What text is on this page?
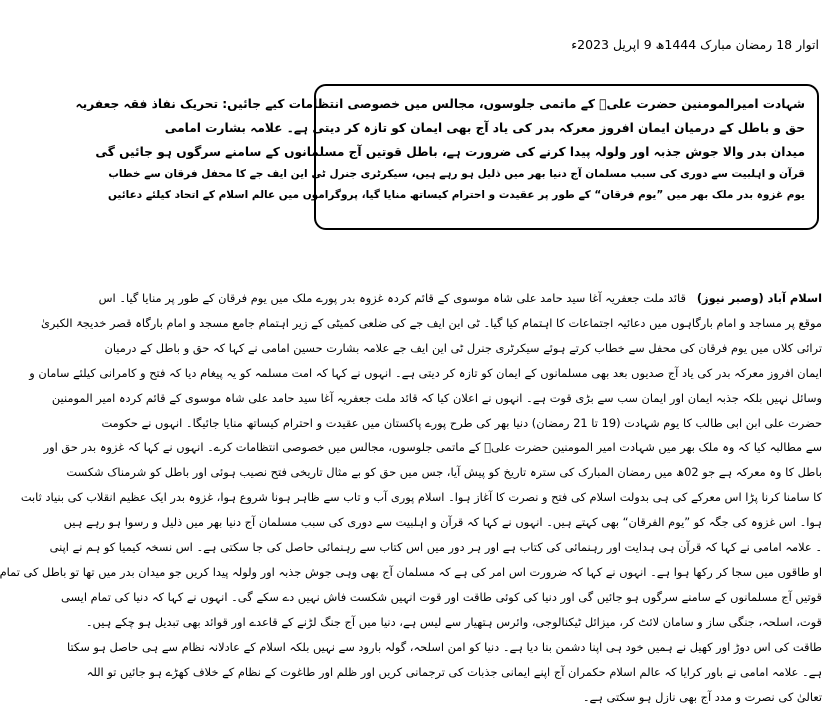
اتوار 18 رمضان مبارک 1444ھ 9 اپریل 2023ء
شہادت امیرالمومنین حضرت علیؑ کے ماتمی جلوسوں، مجالس میں خصوصی انتظامات کیے جائیں: تحریک نفاذ فقہ جعفریہ
حق و باطل کے درمیان ایمان افروز معرکہ بدر کی یاد آج بھی ایمان کو تازہ کر دیتی ہے۔ علامہ بشارت امامی
میدان بدر والا جوش جذبہ اور ولولہ پیدا کرنے کی ضرورت ہے، باطل قوتیں آج مسلمانوں کے سامنے سرگوں ہو جائیں گی
قرآن و اہلبیت سے دوری کی سبب مسلمان آج دنیا بھر میں ذلیل ہو رہے ہیں، سیکرٹری جنرل ٹی این ایف جے کا محفل فرقان سے خطاب
یوم غزوہ بدر ملک بھر میں ”یوم فرقان“ کے طور پر عقیدت و احترام کیساتھ منایا گیا، پروگراموں میں عالم اسلام کے اتحاد کیلئے دعائیں
اسلام آباد (وصبر نیوز)   قائد ملت جعفریہ آغا سید حامد علی شاہ موسوی کے قائم کردہ غزوہ بدر پورے ملک میں یوم فرقان کے طور پر منایا گیا۔ اس
موقع پر مساجد و امام بارگاہوں میں دعائیہ اجتماعات کا اہتمام کیا گیا۔ ٹی این ایف جے کی ضلعی کمیٹی کے زیر اہتمام جامع مسجد و امام بارگاہ قصر خدیجۃ الکبریٰ
ترائی کلاں میں یوم فرقان کی محفل سے خطاب کرتے ہوئے سیکرٹری جنرل ٹی این ایف جے علامہ بشارت حسین امامی نے کہا کہ حق و باطل کے درمیان
ایمان افروز معرکہ بدر کی یاد آج صدیوں بعد بھی مسلمانوں کے ایمان کو تازہ کر دیتی ہے۔ انہوں نے کہا کہ امت مسلمہ کو یہ پیغام دیا کہ فتح و کامرانی کیلئے سامان و
وسائل نہیں بلکہ جذبہ ایمان اور ایمان سب سے بڑی قوت ہے۔ انہوں نے اعلان کیا کہ قائد ملت جعفریہ آغا سید حامد علی شاہ موسوی کے قائم کردہ امیر المومنین
حضرت علی ابن ابی طالب کا یوم شہادت (19 تا 21 رمضان) دنیا بھر کی طرح پورے پاکستان میں عقیدت و احترام کیساتھ منایا جائیگا۔ انہوں نے حکومت
سے مطالبہ کیا کہ وہ ملک بھر میں شہادت امیر المومنین حضرت علیؑ کے ماتمی جلوسوں، مجالس میں خصوصی انتظامات کرے۔ انہوں نے کہا کہ غزوہ بدر حق اور
باطل کا وہ معرکہ ہے جو 02ھ میں رمضان المبارک کی سترہ تاریخ کو پیش آیا، جس میں حق کو بے مثال تاریخی فتح نصیب ہوئی اور باطل کو شرمناک شکست
کا سامنا کرنا پڑا اس معرکے کی ہی بدولت اسلام کی فتح و نصرت کا آغاز ہوا۔ اسلام پوری آب و تاب سے ظاہر ہونا شروع ہوا، غزوہ بدر ایک عظیم انقلاب کی بنیاد ثابت
ہوا۔ اس غزوہ کی جگہ کو ”یوم الفرقان“ بھی کہتے ہیں۔ انہوں نے کہا کہ قرآن و اہلبیت سے دوری کی سبب مسلمان آج دنیا بھر میں ذلیل و رسوا ہو رہے ہیں
۔ علامہ امامی نے کہا کہ قرآن ہی ہدایت اور رہنمائی کی کتاب ہے اور ہر دور میں اس کتاب سے رہنمائی حاصل کی جا سکتی ہے۔ اس نسخہ کیمیا کو ہم نے اپنی
او طاقوں میں سجا کر رکھا ہوا ہے۔ انہوں نے کہا کہ ضرورت اس امر کی ہے کہ مسلمان آج بھی وہی جوش جذبہ اور ولولہ پیدا کریں جو میدان بدر میں تھا تو باطل کی تمام
قوتیں آج مسلمانوں کے سامنے سرگوں ہو جائیں گی اور دنیا کی کوئی طاقت اور قوت انہیں شکست فاش نہیں دے سکے گی۔ انہوں نے کہا کہ دنیا کی تمام ایسی
قوت، اسلحہ، جنگی ساز و سامان لائٹ کر، میزائل ٹیکنالوجی، وائرس ہتھیار سے لیس ہے، دنیا میں آج جنگ لڑنے کے قاعدے اور قوائد بھی تبدیل ہو چکے ہیں۔
طاقت کی اس دوڑ اور کھیل نے ہمیں خود ہی اپنا دشمن بنا دیا ہے۔ دنیا کو امن اسلحہ، گولہ بارود سے نہیں بلکہ اسلام کے عادلانہ نظام سے ہی حاصل ہو سکتا
ہے۔ علامہ امامی نے باور کرایا کہ عالم اسلام حکمران آج اپنے ایمانی جذبات کی ترجمانی کریں اور ظلم اور طاغوت کے نظام کے خلاف کھڑے ہو جائیں تو اللہ
تعالیٰ کی نصرت و مدد آج بھی نازل ہو سکتی ہے۔
